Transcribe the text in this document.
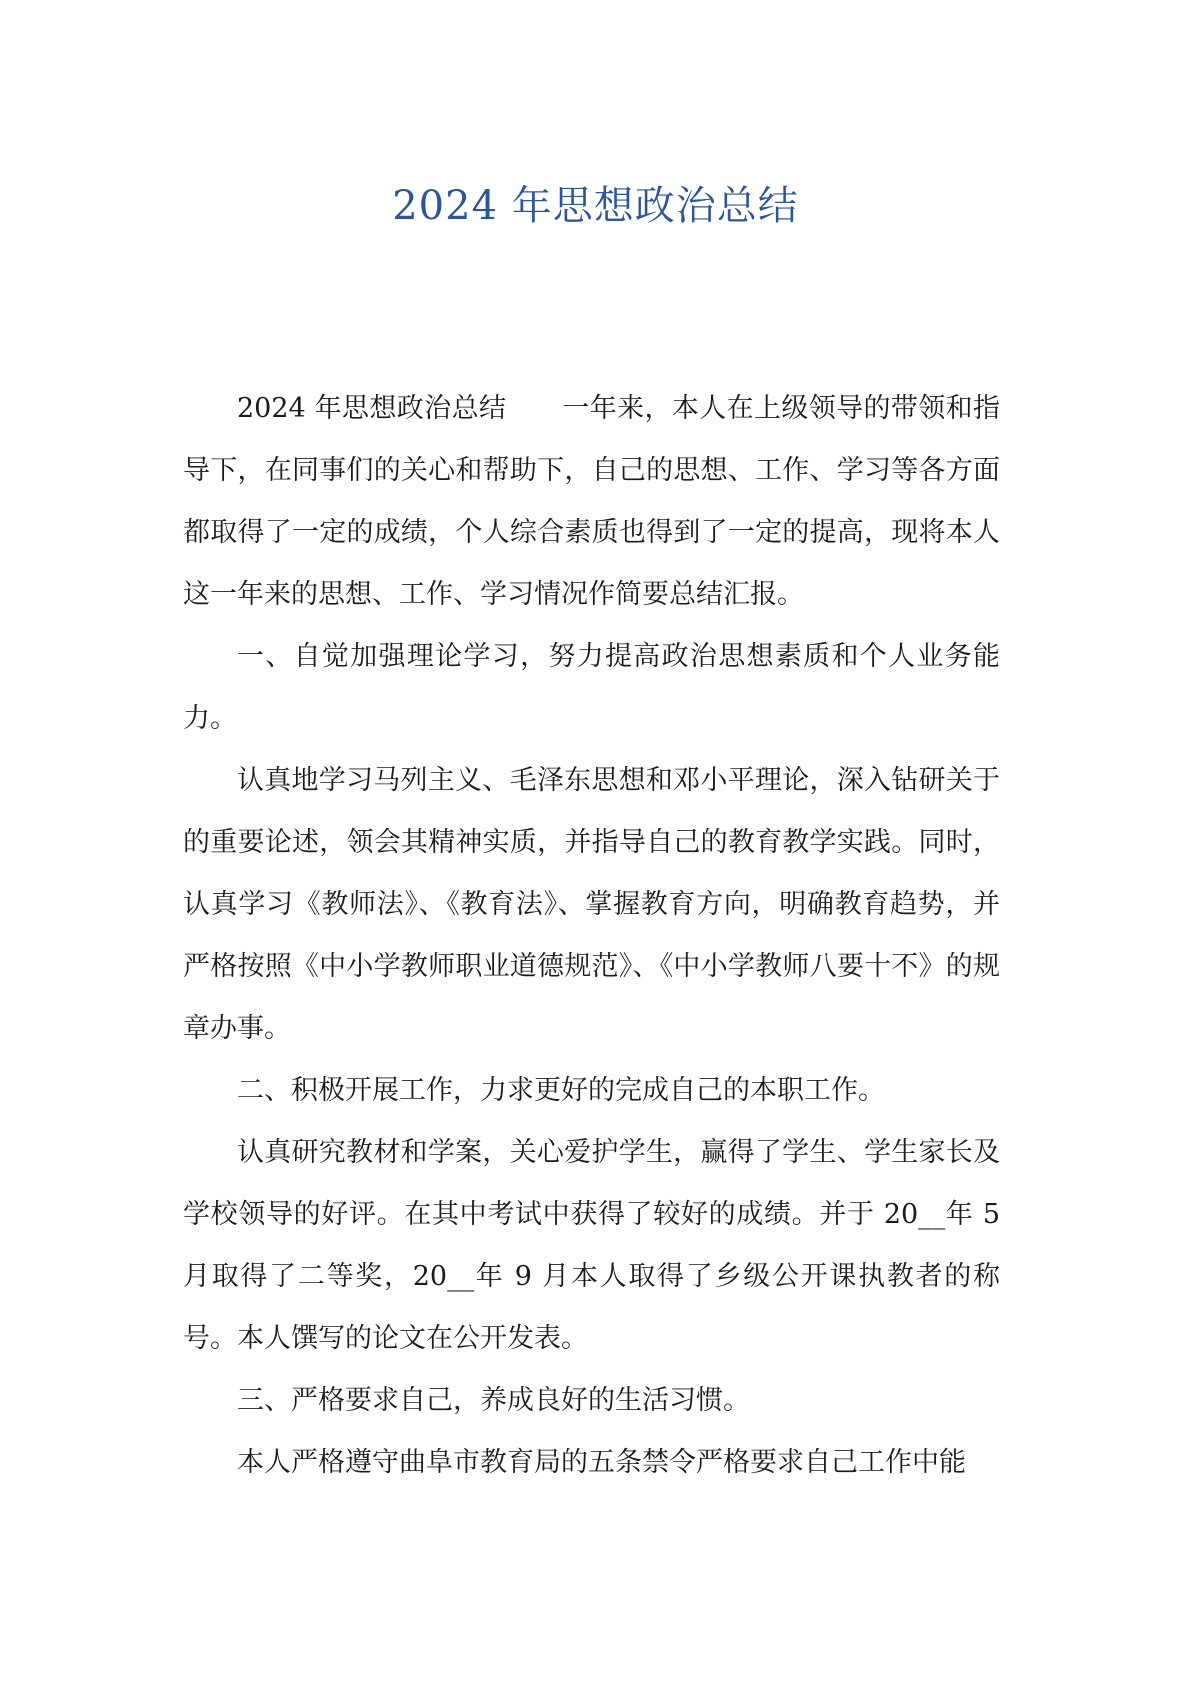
2024 年思想政治总结

2024 年思想政治总结 一年来，本人在上级领导的带领和指导下，在同事们的关心和帮助下，自己的思想、工作、学习等各方面都取得了一定的成绩，个人综合素质也得到了一定的提高，现将本人这一年来的思想、工作、学习情况作简要总结汇报。

一、自觉加强理论学习，努力提高政治思想素质和个人业务能力。

认真地学习马列主义、毛泽东思想和邓小平理论，深入钻研关于的重要论述，领会其精神实质，并指导自己的教育教学实践。同时，认真学习《教师法》、《教育法》、掌握教育方向，明确教育趋势，并严格按照《中小学教师职业道德规范》、《中小学教师八要十不》的规章办事。

二、积极开展工作，力求更好的完成自己的本职工作。

认真研究教材和学案，关心爱护学生，赢得了学生、学生家长及学校领导的好评。在其中考试中获得了较好的成绩。并于 20__年 5 月取得了二等奖，20__年 9 月本人取得了乡级公开课执教者的称号。本人馔写的论文在公开发表。

三、严格要求自己，养成良好的生活习惯。

本人严格遵守曲阜市教育局的五条禁令严格要求自己工作中能
